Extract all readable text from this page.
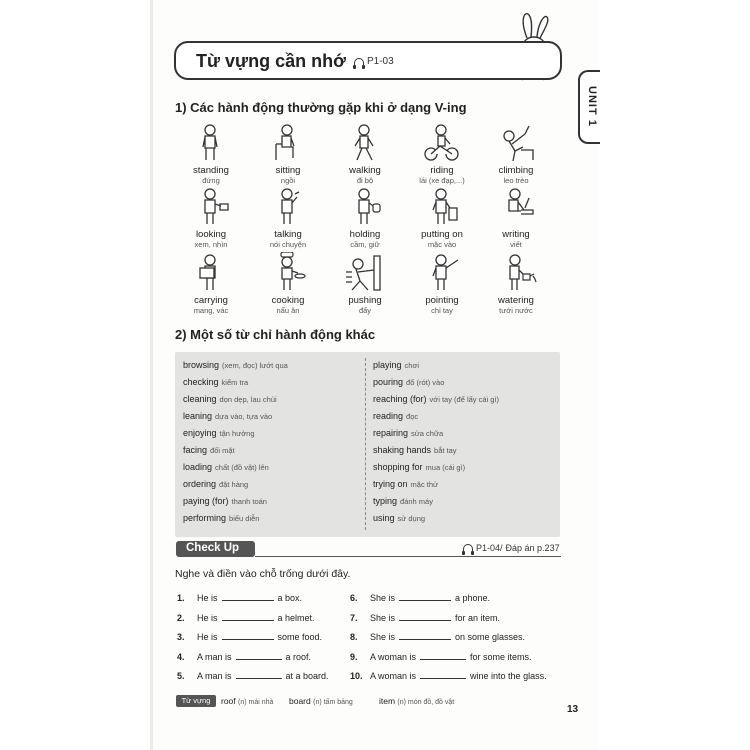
Từ vựng cần nhớ P1-03
UNIT 1
1) Các hành động thường gặp khi ở dạng V-ing
standing
đứng
sitting
ngồi
walking
đi bộ
riding
lái (xe đạp,...)
climbing
leo trèo
looking
xem, nhìn
talking
nói chuyện
holding
cầm, giữ
putting on
mặc vào
writing
viết
carrying
mang, vác
cooking
nấu ăn
pushing
đẩy
pointing
chỉ tay
watering
tưới nước
2) Một số từ chỉ hành động khác
browsing (xem, đọc) lướt qua
checking kiểm tra
cleaning dọn dẹp, lau chùi
leaning dựa vào, tựa vào
enjoying tận hưởng
facing đối mặt
loading chất (đồ vật) lên
ordering đặt hàng
paying (for) thanh toán
performing biểu diễn
playing chơi
pouring đổ (rót) vào
reaching (for) với tay (để lấy cái gì)
reading đọc
repairing sửa chữa
shaking hands bắt tay
shopping for mua (cái gì)
trying on mặc thử
typing đánh máy
using sử dụng
Check Up	P1-04/ Đáp án p.237
Nghe và điền vào chỗ trống dưới đây.
1.	He is	a box.
2.	He is	a helmet.
3.	He is	some food.
4.	A man is	a roof.
5.	A man is	at a board.
6.	She is	a phone.
7.	She is	for an item.
8.	She is	on some glasses.
9.	A woman is	for some items.
10. A woman is	wine into the glass.
Từ vựng	roof (n) mái nhà board (n) tấm bảng	item (n) món đồ, đồ vật
13
